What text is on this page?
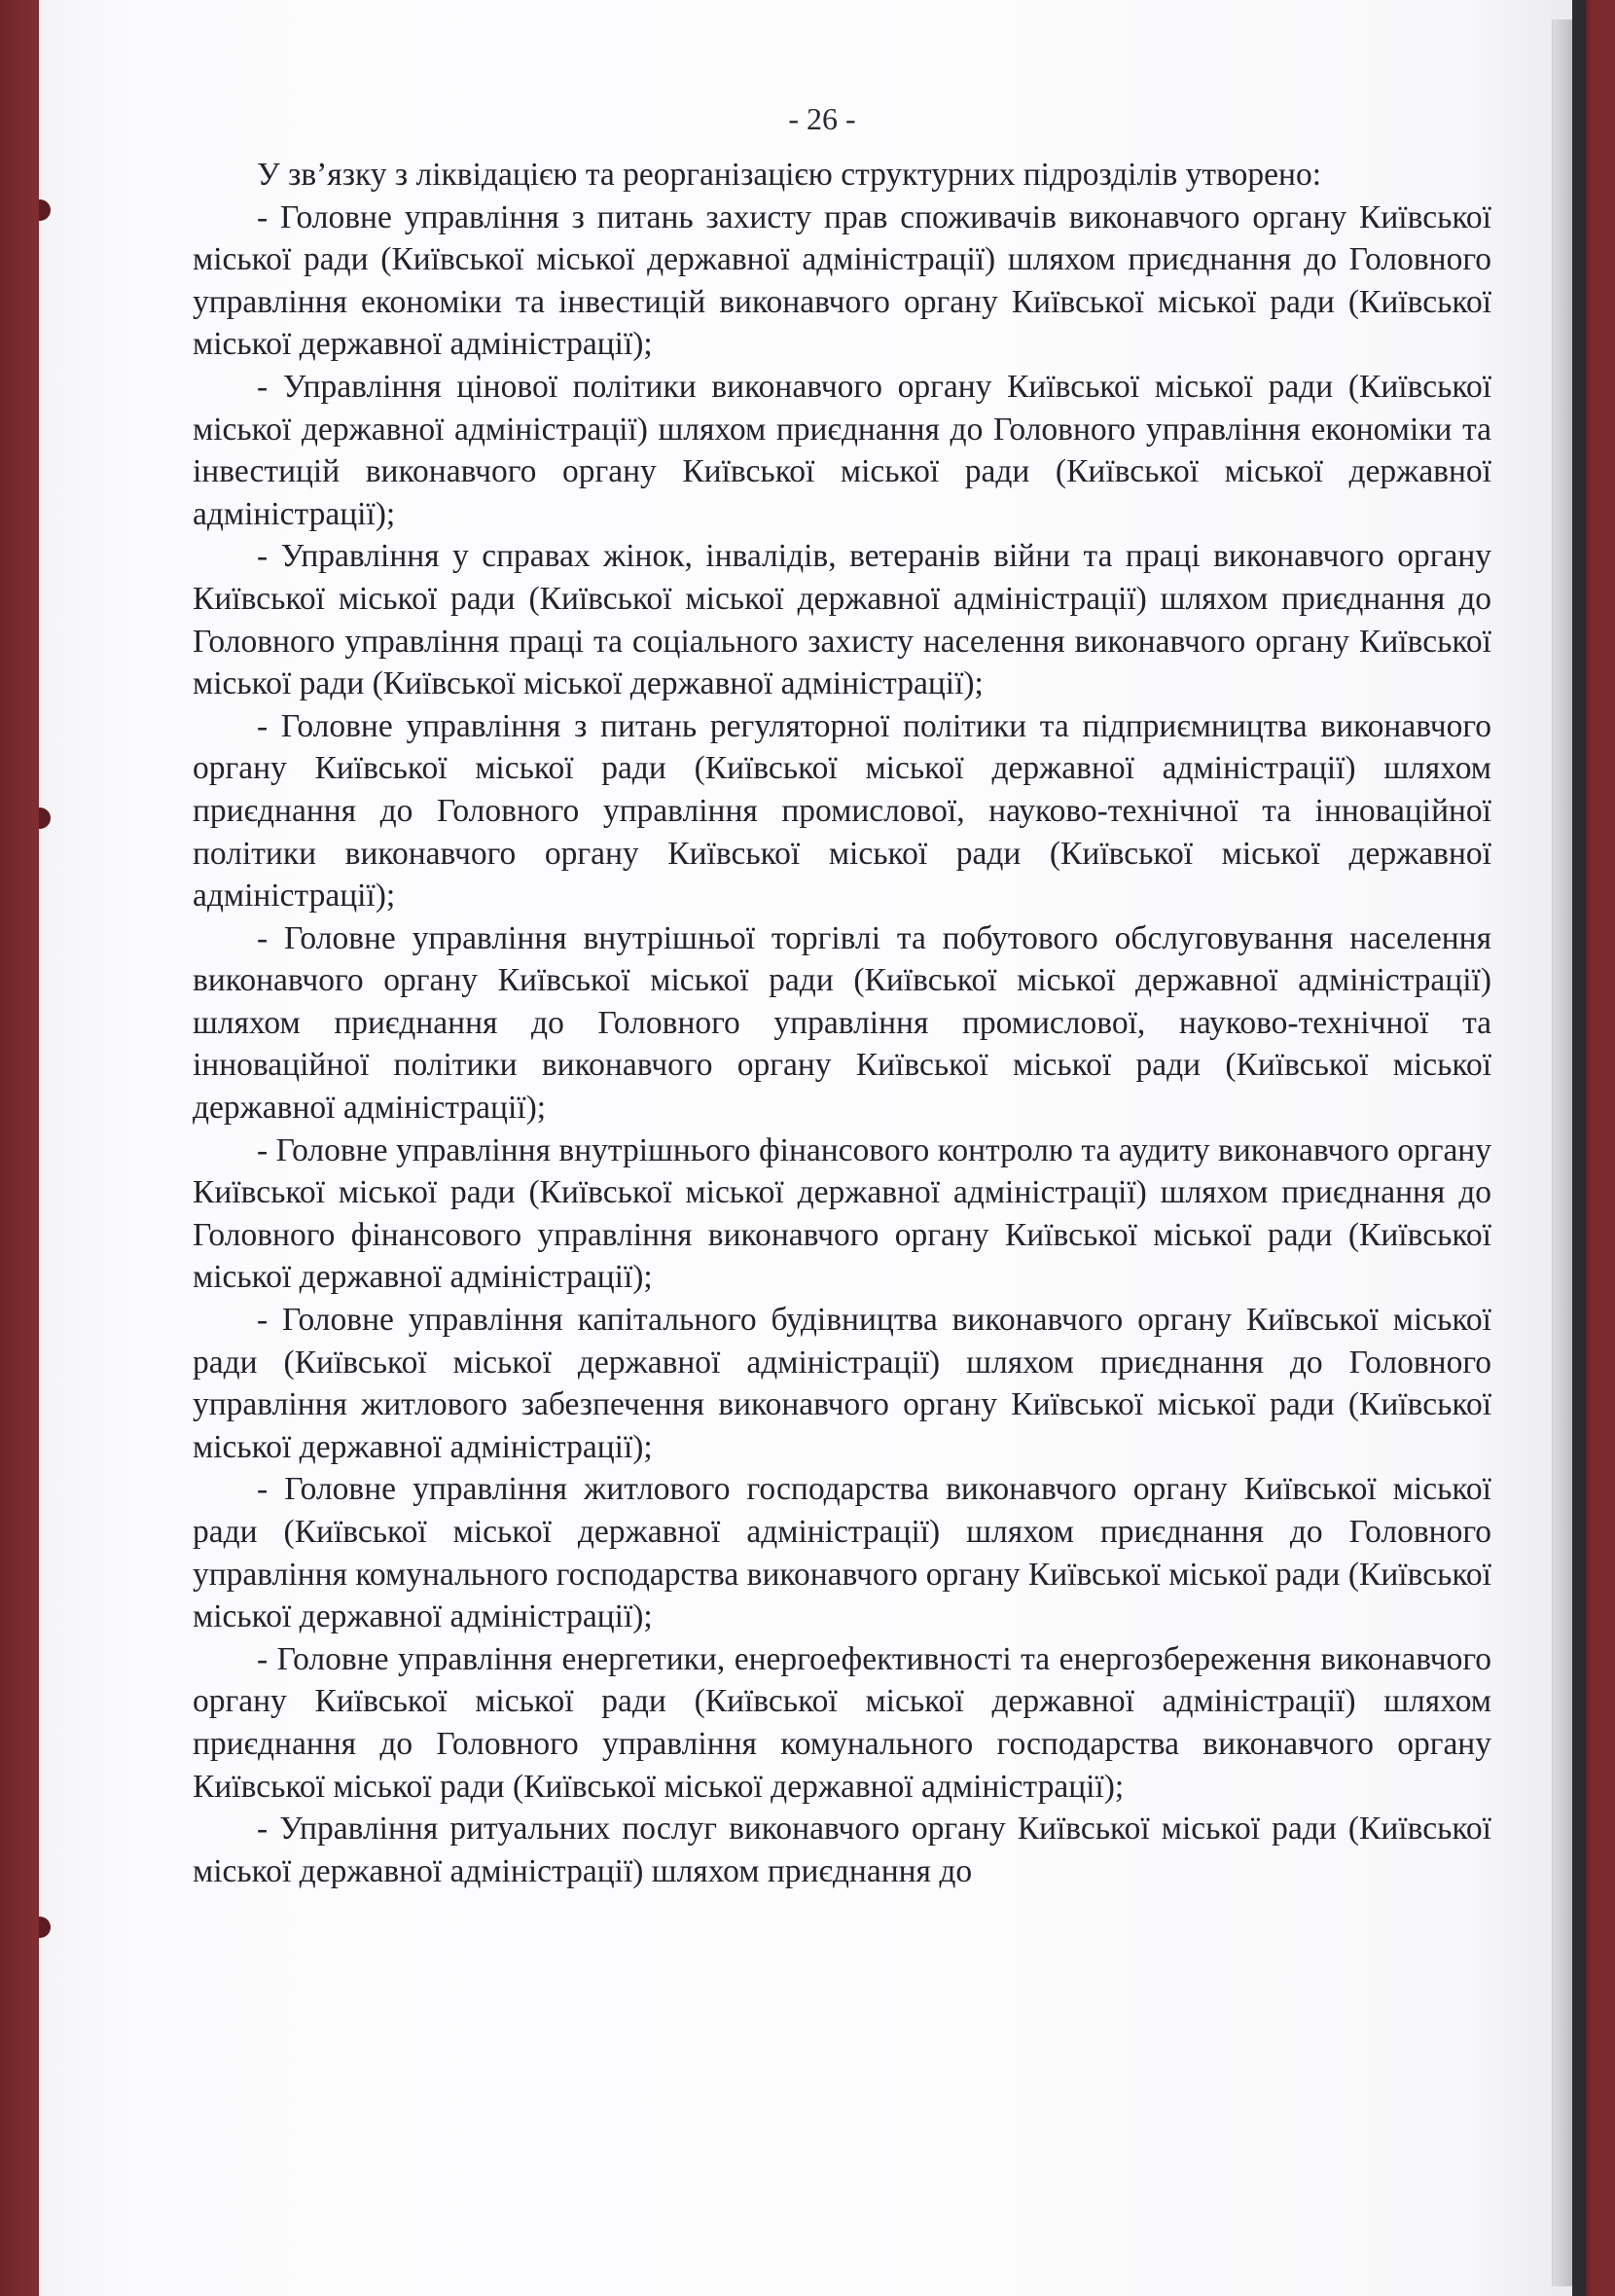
- 26 -

У зв’язку з ліквідацією та реорганізацією структурних підрозділів утворено:

- Головне управління з питань захисту прав споживачів виконавчого органу Київської міської ради (Київської міської державної адміністрації) шляхом приєднання до Головного управління економіки та інвестицій виконавчого органу Київської міської ради (Київської міської державної адміністрації);

- Управління цінової політики виконавчого органу Київської міської ради (Київської міської державної адміністрації) шляхом приєднання до Головного управління економіки та інвестицій виконавчого органу Київської міської ради (Київської міської державної адміністрації);

- Управління у справах жінок, інвалідів, ветеранів війни та праці виконавчого органу Київської міської ради (Київської міської державної адміністрації) шляхом приєднання до Головного управління праці та соціального захисту населення виконавчого органу Київської міської ради (Київської міської державної адміністрації);

- Головне управління з питань регуляторної політики та підприємництва виконавчого органу Київської міської ради (Київської міської державної адміністрації) шляхом приєднання до Головного управління промислової, науково-технічної та інноваційної політики виконавчого органу Київської міської ради (Київської міської державної адміністрації);

- Головне управління внутрішньої торгівлі та побутового обслуговування населення виконавчого органу Київської міської ради (Київської міської державної адміністрації) шляхом приєднання до Головного управління промислової, науково-технічної та інноваційної політики виконавчого органу Київської міської ради (Київської міської державної адміністрації);

- Головне управління внутрішнього фінансового контролю та аудиту виконавчого органу Київської міської ради (Київської міської державної адміністрації) шляхом приєднання до Головного фінансового управління виконавчого органу Київської міської ради (Київської міської державної адміністрації);

- Головне управління капітального будівництва виконавчого органу Київської міської ради (Київської міської державної адміністрації) шляхом приєднання до Головного управління житлового забезпечення виконавчого органу Київської міської ради (Київської міської державної адміністрації);

- Головне управління житлового господарства виконавчого органу Київської міської ради (Київської міської державної адміністрації) шляхом приєднання до Головного управління комунального господарства виконавчого органу Київської міської ради (Київської міської державної адміністрації);

- Головне управління енергетики, енергоефективності та енергозбереження виконавчого органу Київської міської ради (Київської міської державної адміністрації) шляхом приєднання до Головного управління комунального господарства виконавчого органу Київської міської ради (Київської міської державної адміністрації);

- Управління ритуальних послуг виконавчого органу Київської міської ради (Київської міської державної адміністрації) шляхом приєднання до
